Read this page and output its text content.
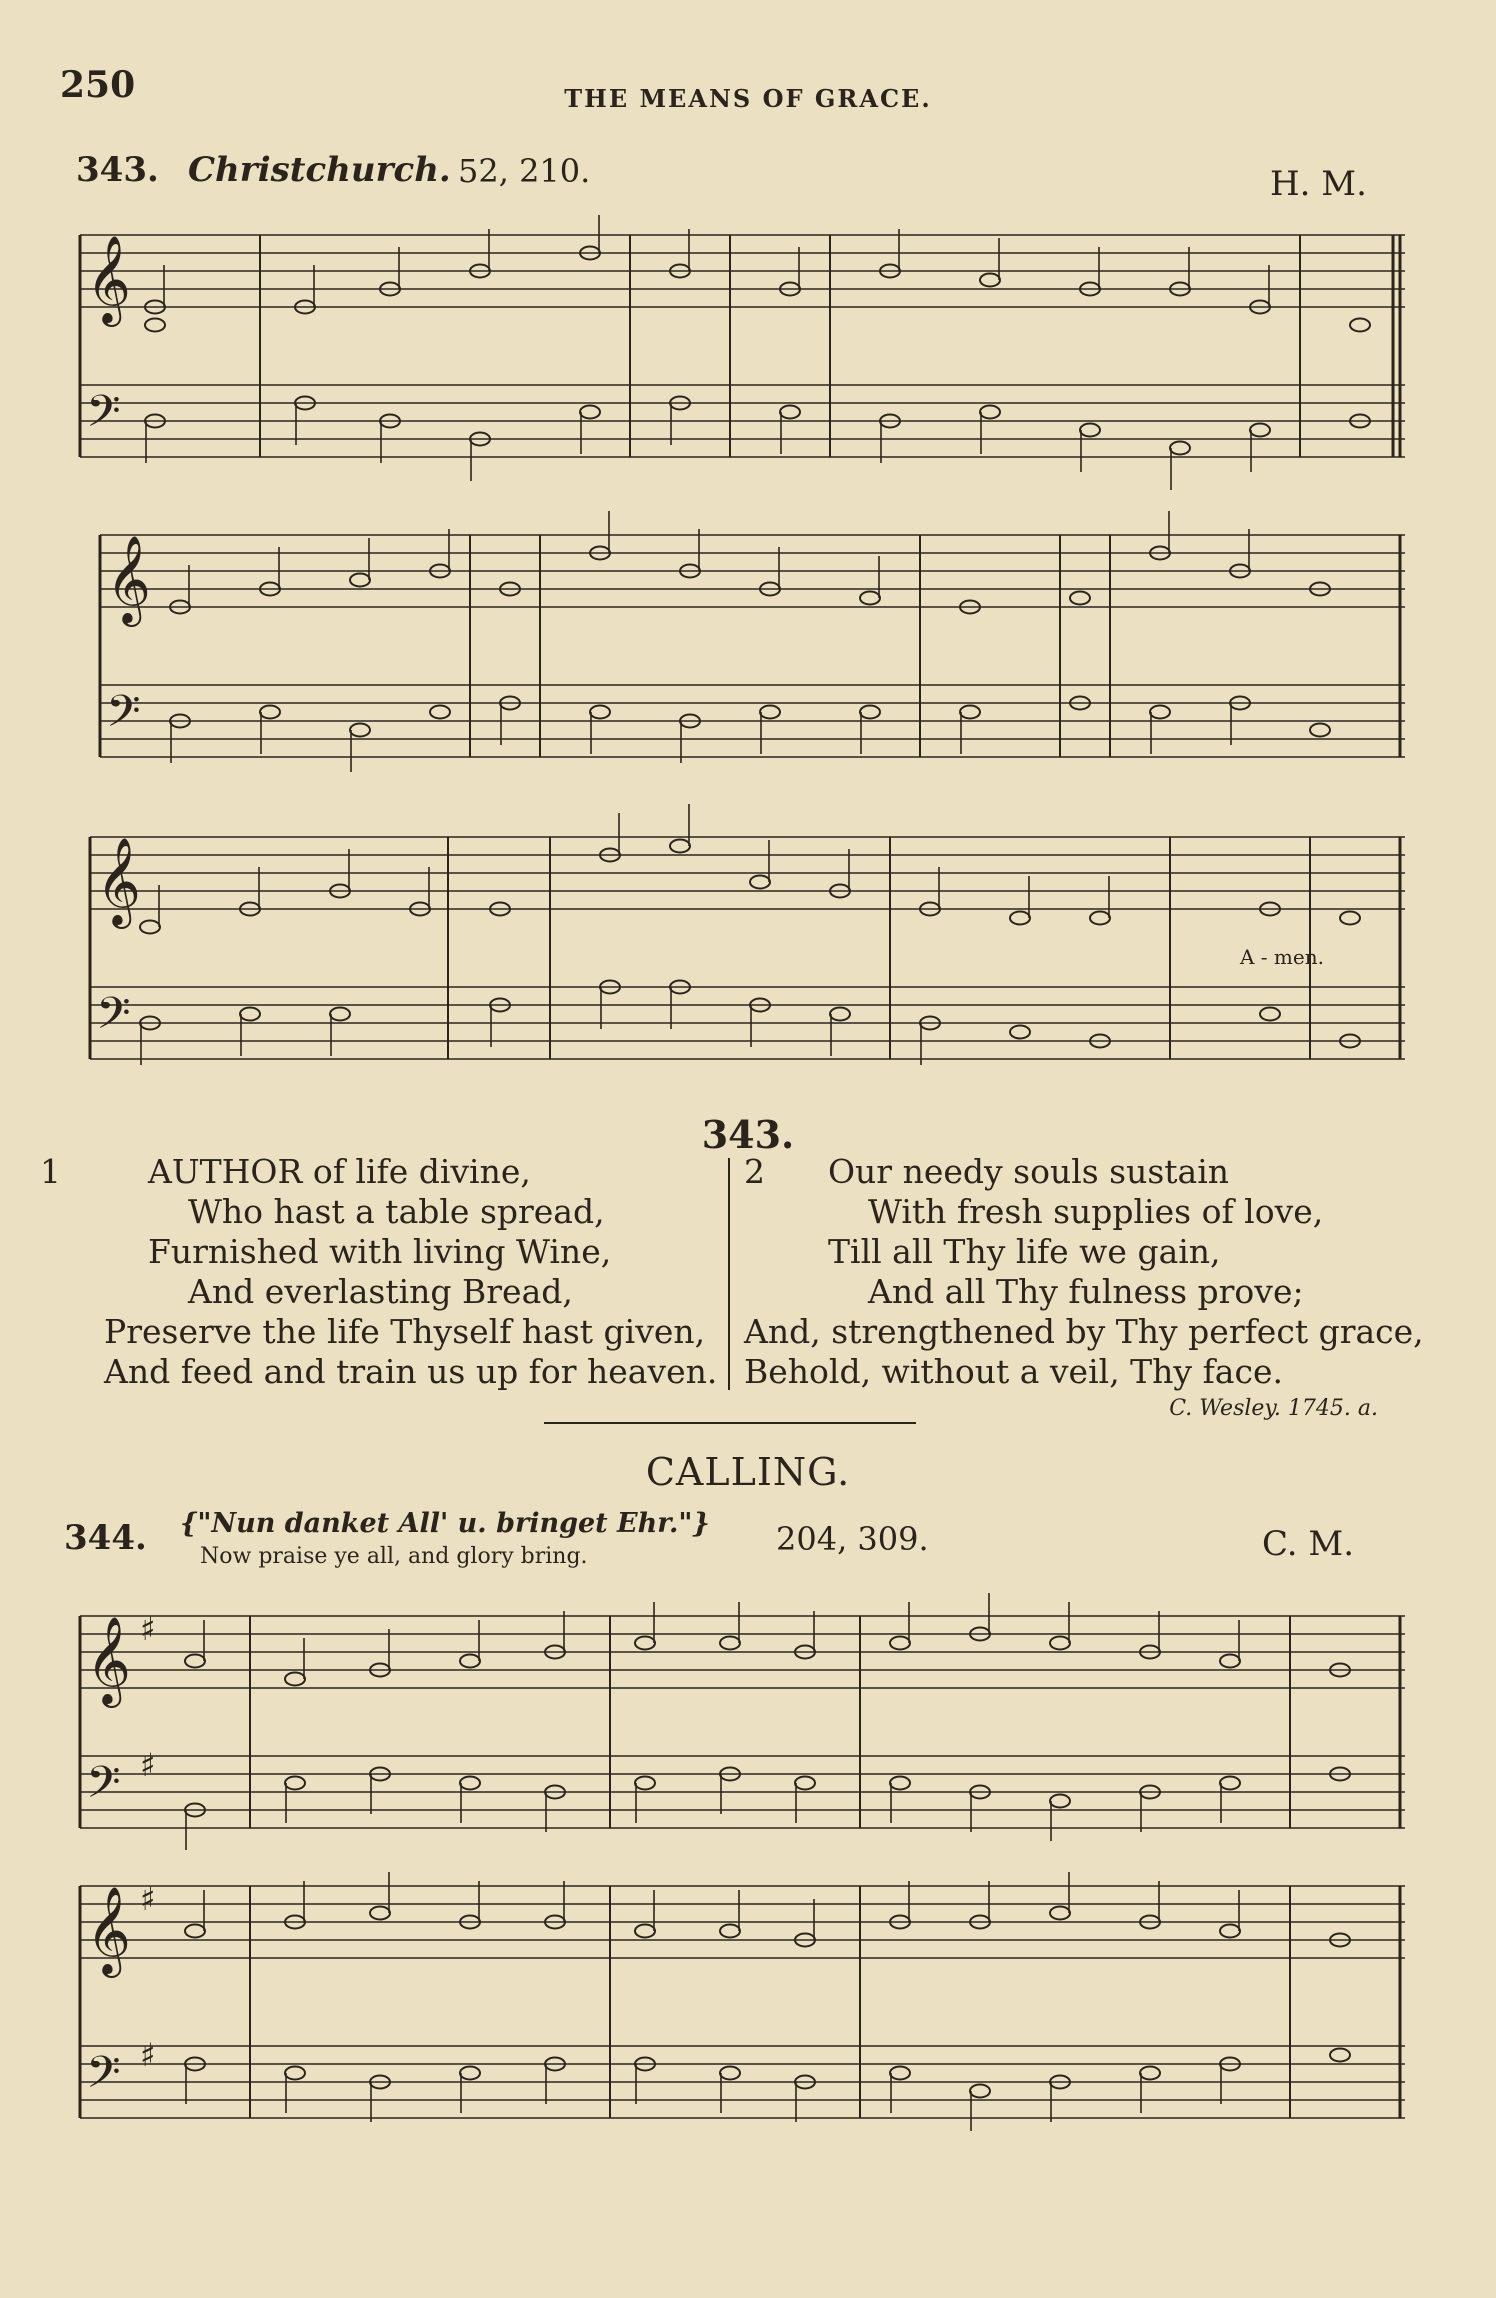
250	THE MEANS OF GRACE.
343. Christchurch. 52, 210.	H. M.
𝄞
𝄢
𝄞
𝄢
𝄞
𝄢
A - men.
343.
1	AUTHOR of life divine,
Who hast a table spread,
Furnished with living Wine,
And everlasting Bread,
Preserve the life Thyself hast given,
And feed and train us up for heaven.
2 Our needy souls sustain
With fresh supplies of love,
Till all Thy life we gain,
And all Thy fulness prove;
And, strengthened by Thy perfect grace,
Behold, without a veil, Thy face.
C. Wesley. 1745. a.
CALLING.
344. {"Nun danket All' u. bringet Ehr."}
Now praise ye all, and glory bring.	204, 309.	C. M.
𝄞
𝄢
♯
♯
𝄞
𝄢
♯
♯
